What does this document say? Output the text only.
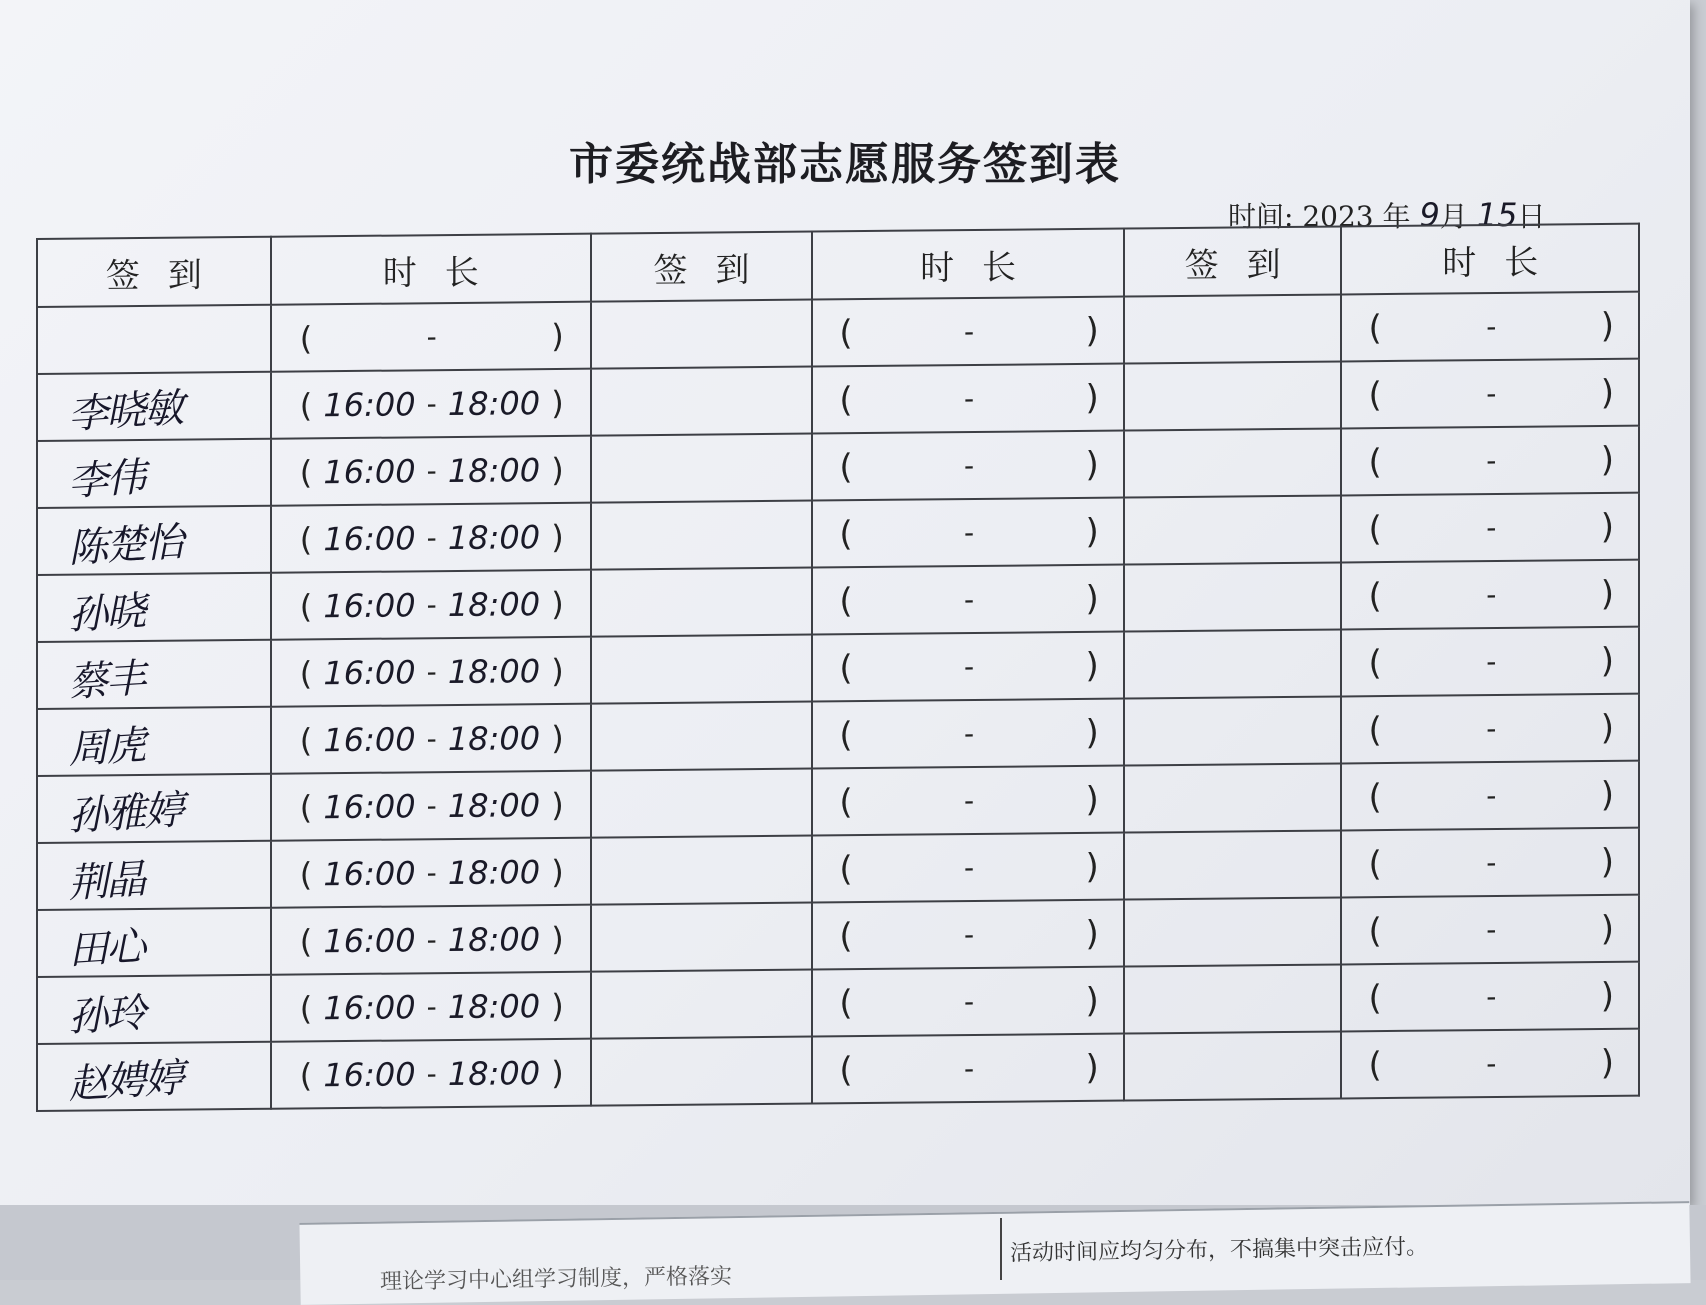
市委统战部志愿服务签到表
时间: 2023 年 9月 15日
签到	时长	签到	时长	签到	时长

	( - )		( - )		( - )

李晓敏	( 16:00 - 18:00 )		( - )		( - )

李伟	( 16:00 - 18:00 )		( - )		( - )

陈楚怡	( 16:00 - 18:00 )		( - )		( - )

孙晓	( 16:00 - 18:00 )		( - )		( - )

蔡丰	( 16:00 - 18:00 )		( - )		( - )

周虎	( 16:00 - 18:00 )		( - )		( - )

孙雅婷	( 16:00 - 18:00 )		( - )		( - )

荆晶	( 16:00 - 18:00 )		( - )		( - )

田心	( 16:00 - 18:00 )		( - )		( - )

孙玲	( 16:00 - 18:00 )		( - )		( - )

赵娉婷	( 16:00 - 18:00 )		( - )		( - )
活动时间应均匀分布，不搞集中突击应付。
理论学习中心组学习制度，严格落实
